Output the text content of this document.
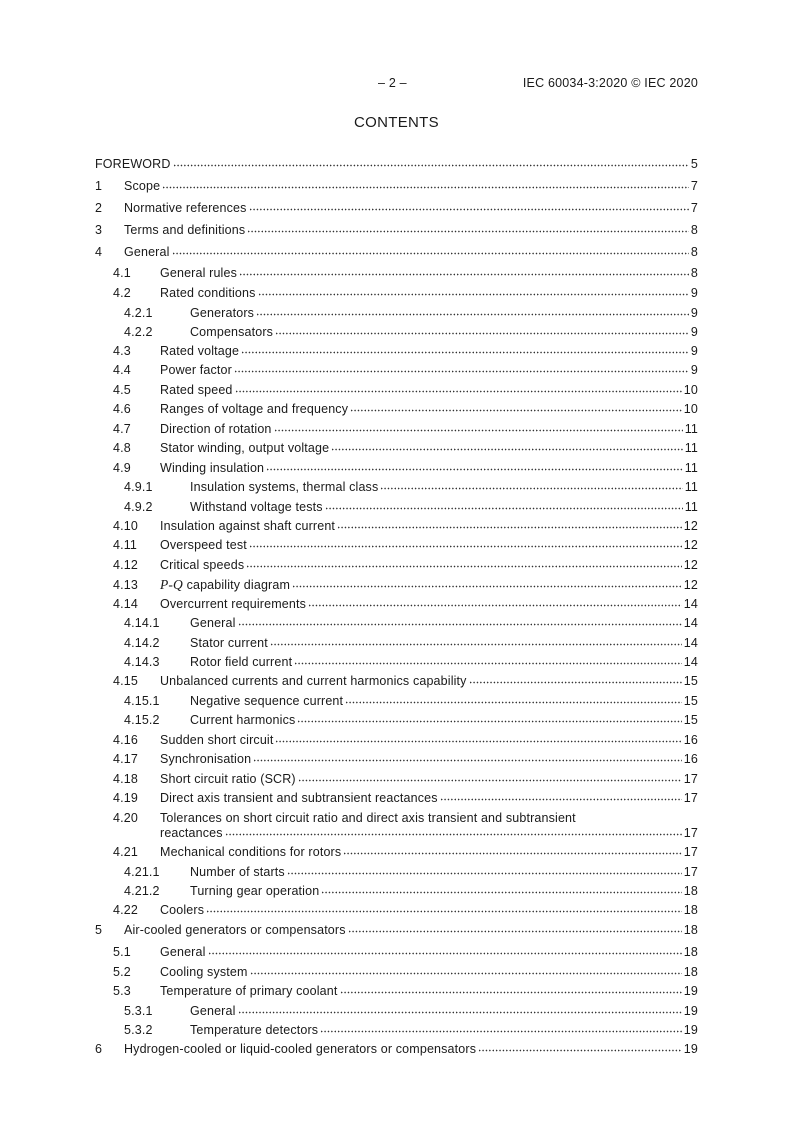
– 2 –	IEC 60034-3:2020 © IEC 2020
CONTENTS
FOREWORD	5
1	Scope	7
2	Normative references	7
3	Terms and definitions	8
4	General	8
4.1	General rules	8
4.2	Rated conditions	9
4.2.1	Generators	9
4.2.2	Compensators	9
4.3	Rated voltage	9
4.4	Power factor	9
4.5	Rated speed	10
4.6	Ranges of voltage and frequency	10
4.7	Direction of rotation	11
4.8	Stator winding, output voltage	11
4.9	Winding insulation	11
4.9.1	Insulation systems, thermal class	11
4.9.2	Withstand voltage tests	11
4.10	Insulation against shaft current	12
4.11	Overspeed test	12
4.12	Critical speeds	12
4.13	P-Q capability diagram	12
4.14	Overcurrent requirements	14
4.14.1	General	14
4.14.2	Stator current	14
4.14.3	Rotor field current	14
4.15	Unbalanced currents and current harmonics capability	15
4.15.1	Negative sequence current	15
4.15.2	Current harmonics	15
4.16	Sudden short circuit	16
4.17	Synchronisation	16
4.18	Short circuit ratio (SCR)	17
4.19	Direct axis transient and subtransient reactances	17
4.20	Tolerances on short circuit ratio and direct axis transient and subtransient
reactances	17
4.21	Mechanical conditions for rotors	17
4.21.1	Number of starts	17
4.21.2	Turning gear operation	18
4.22	Coolers	18
5	Air-cooled generators or compensators	18
5.1	General	18
5.2	Cooling system	18
5.3	Temperature of primary coolant	19
5.3.1	General	19
5.3.2	Temperature detectors	19
6	Hydrogen-cooled or liquid-cooled generators or compensators	19
